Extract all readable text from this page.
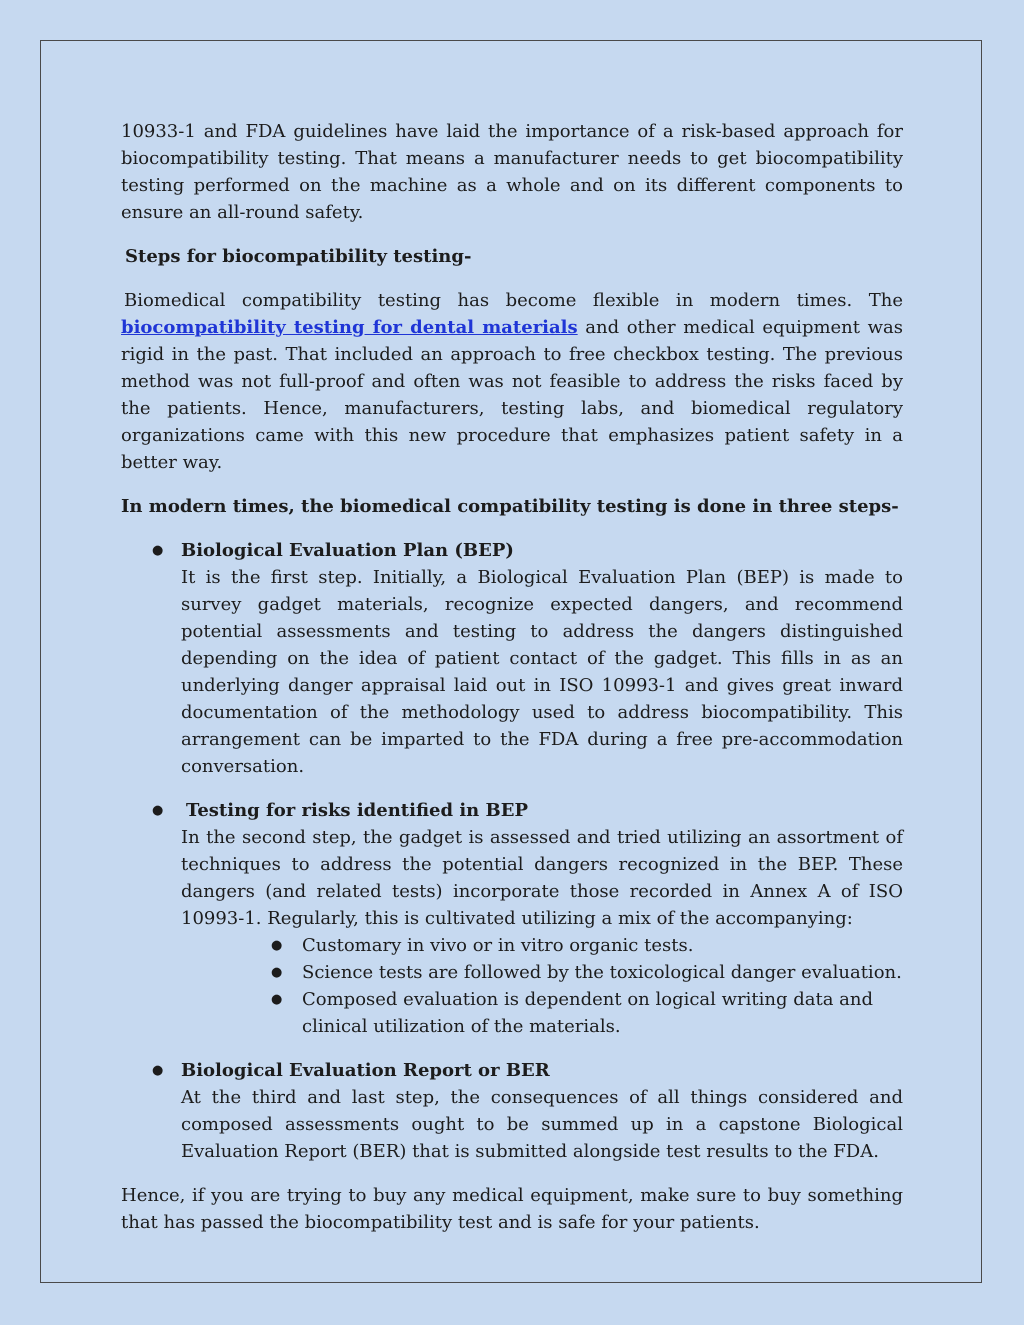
10933-1 and FDA guidelines have laid the importance of a risk-based approach for biocompatibility testing. That means a manufacturer needs to get biocompatibility testing performed on the machine as a whole and on its different components to ensure an all-round safety.

Steps for biocompatibility testing-

Biomedical compatibility testing has become flexible in modern times. The biocompatibility testing for dental materials and other medical equipment was rigid in the past. That included an approach to free checkbox testing. The previous method was not full-proof and often was not feasible to address the risks faced by the patients. Hence, manufacturers, testing labs, and biomedical regulatory organizations came with this new procedure that emphasizes patient safety in a better way.

In modern times, the biomedical compatibility testing is done in three steps-

● Biological Evaluation Plan (BEP)
It is the first step. Initially, a Biological Evaluation Plan (BEP) is made to survey gadget materials, recognize expected dangers, and recommend potential assessments and testing to address the dangers distinguished depending on the idea of patient contact of the gadget. This fills in as an underlying danger appraisal laid out in ISO 10993-1 and gives great inward documentation of the methodology used to address biocompatibility. This arrangement can be imparted to the FDA during a free pre-accommodation conversation.
● Testing for risks identified in BEP
In the second step, the gadget is assessed and tried utilizing an assortment of techniques to address the potential dangers recognized in the BEP. These dangers (and related tests) incorporate those recorded in Annex A of ISO 10993-1. Regularly, this is cultivated utilizing a mix of the accompanying:
● Customary in vivo or in vitro organic tests.
● Science tests are followed by the toxicological danger evaluation.
● Composed evaluation is dependent on logical writing data and clinical utilization of the materials.
● Biological Evaluation Report or BER
At the third and last step, the consequences of all things considered and composed assessments ought to be summed up in a capstone Biological Evaluation Report (BER) that is submitted alongside test results to the FDA.

Hence, if you are trying to buy any medical equipment, make sure to buy something that has passed the biocompatibility test and is safe for your patients.
